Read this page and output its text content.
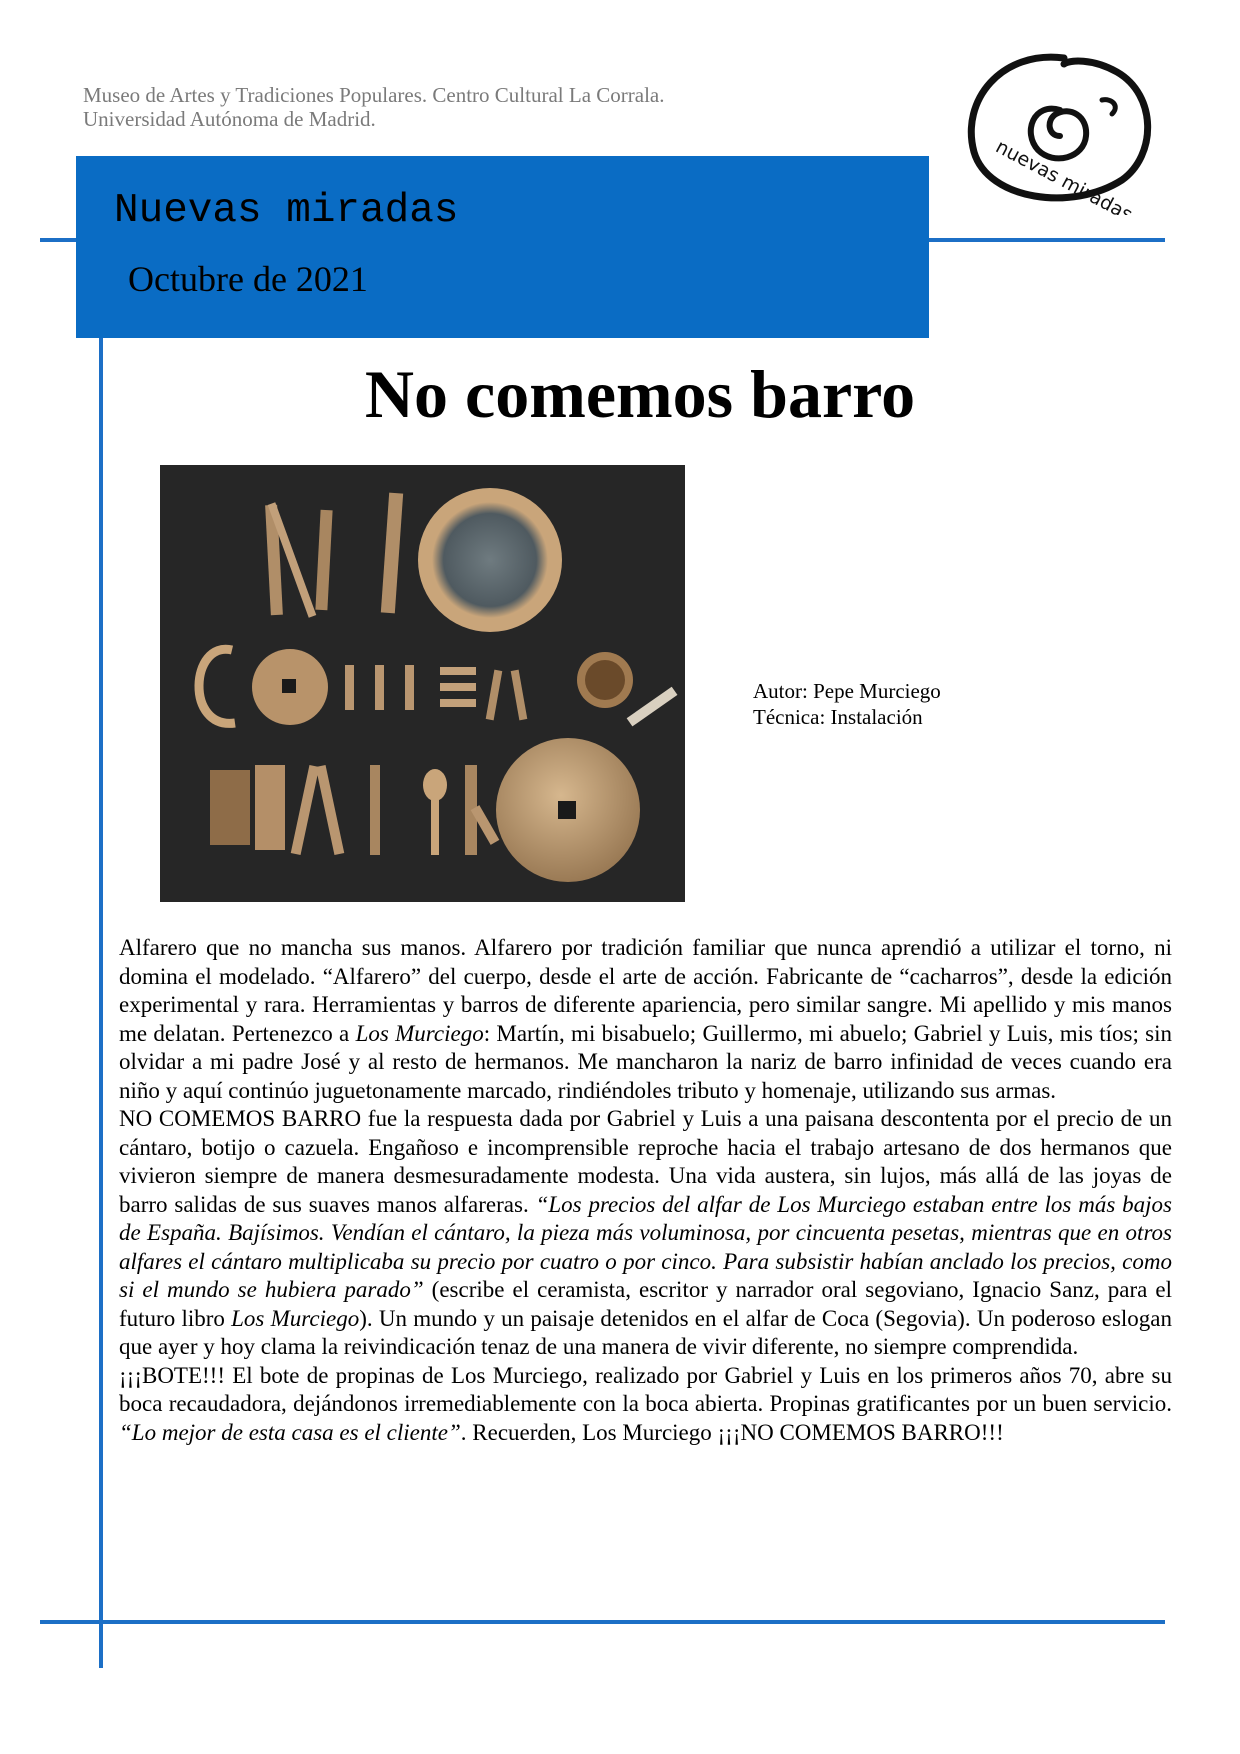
Museo de Artes y Tradiciones Populares. Centro Cultural La Corrala.
Universidad Autónoma de Madrid.
Nuevas miradas
Octubre de 2021
nuevas miradas
No comemos barro
Autor: Pepe Murciego
Técnica: Instalación

Alfarero que no mancha sus manos. Alfarero por tradición familiar que nunca aprendió a utilizar el torno, ni domina el modelado. “Alfarero” del cuerpo, desde el arte de acción. Fabricante de “cacharros”, desde la edición experimental y rara. Herramientas y barros de diferente apariencia, pero similar sangre. Mi apellido y mis manos me delatan. Pertenezco a Los Murciego: Martín, mi bisabuelo; Guillermo, mi abuelo; Gabriel y Luis, mis tíos; sin olvidar a mi padre José y al resto de hermanos. Me mancharon la nariz de barro infinidad de veces cuando era niño y aquí continúo juguetonamente marcado, rindiéndoles tributo y homenaje, utilizando sus armas.

NO COMEMOS BARRO fue la respuesta dada por Gabriel y Luis a una paisana descontenta por el precio de un cántaro, botijo o cazuela. Engañoso e incomprensible reproche hacia el trabajo artesano de dos hermanos que vivieron siempre de manera desmesuradamente modesta. Una vida austera, sin lujos, más allá de las joyas de barro salidas de sus suaves manos alfareras. “Los precios del alfar de Los Murciego estaban entre los más bajos de España. Bajísimos. Vendían el cántaro, la pieza más voluminosa, por cincuenta pesetas, mientras que en otros alfares el cántaro multiplicaba su precio por cuatro o por cinco. Para subsistir habían anclado los precios, como si el mundo se hubiera parado” (escribe el ceramista, escritor y narrador oral segoviano, Ignacio Sanz, para el futuro libro Los Murciego). Un mundo y un paisaje detenidos en el alfar de Coca (Segovia). Un poderoso eslogan que ayer y hoy clama la reivindicación tenaz de una manera de vivir diferente, no siempre comprendida.

¡¡¡BOTE!!! El bote de propinas de Los Murciego, realizado por Gabriel y Luis en los primeros años 70, abre su boca recaudadora, dejándonos irremediablemente con la boca abierta. Propinas gratificantes por un buen servicio. “Lo mejor de esta casa es el cliente”. Recuerden, Los Murciego ¡¡¡NO COMEMOS BARRO!!!
